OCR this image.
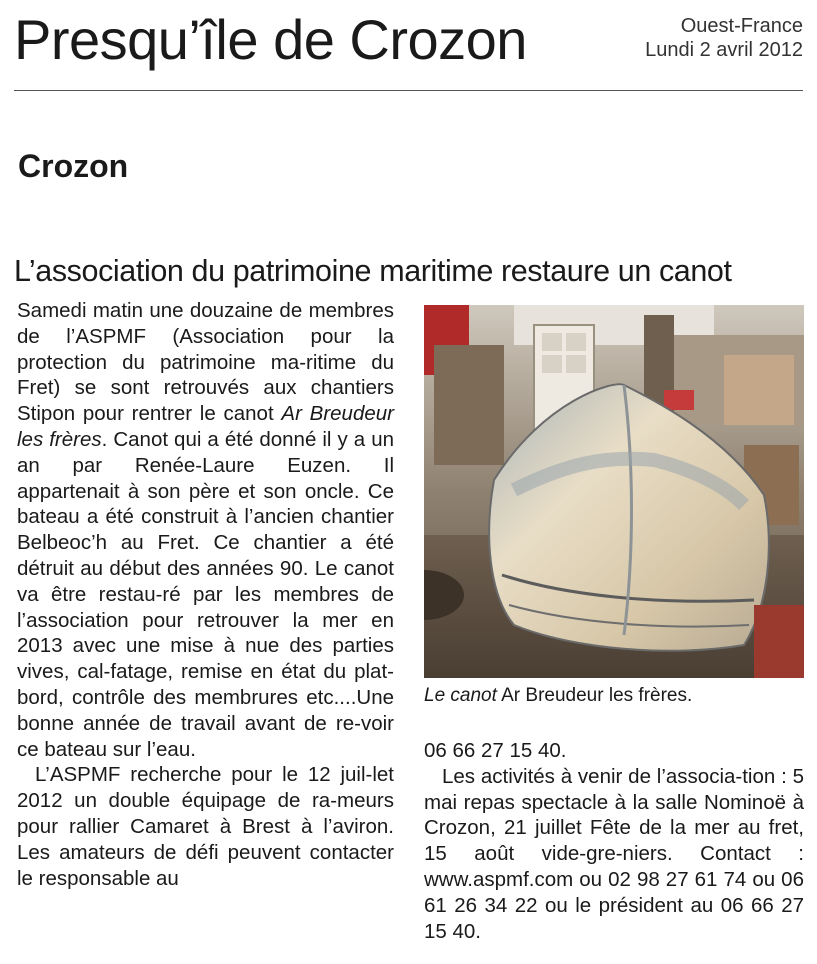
Presqu’île de Crozon	Ouest-France
Lundi 2 avril 2012
Crozon
L’association du patrimoine maritime restaure un canot

Samedi matin une douzaine de membres de l’ASPMF (Association pour la protection du patrimoine ma-ritime du Fret) se sont retrouvés aux chantiers Stipon pour rentrer le canot Ar Breudeur les frères. Canot qui a été donné il y a un an par Renée-Laure Euzen. Il appartenait à son père et son oncle. Ce bateau a été construit à l’ancien chantier Belbeoc’h au Fret. Ce chantier a été détruit au début des années 90. Le canot va être restau-ré par les membres de l’association pour retrouver la mer en 2013 avec une mise à nue des parties vives, cal-fatage, remise en état du plat-bord, contrôle des membrures etc....Une bonne année de travail avant de re-voir ce bateau sur l’eau.

L’ASPMF recherche pour le 12 juil-let 2012 un double équipage de ra-meurs pour rallier Camaret à Brest à l’aviron. Les amateurs de défi peuvent contacter le responsable au

Le canot Ar Breudeur les frères.

06 66 27 15 40.

Les activités à venir de l’associa-tion : 5 mai repas spectacle à la salle Nominoë à Crozon, 21 juillet Fête de la mer au fret, 15 août vide-gre-niers. Contact : www.aspmf.com ou 02 98 27 61 74 ou 06 61 26 34 22 ou le président au 06 66 27 15 40.
